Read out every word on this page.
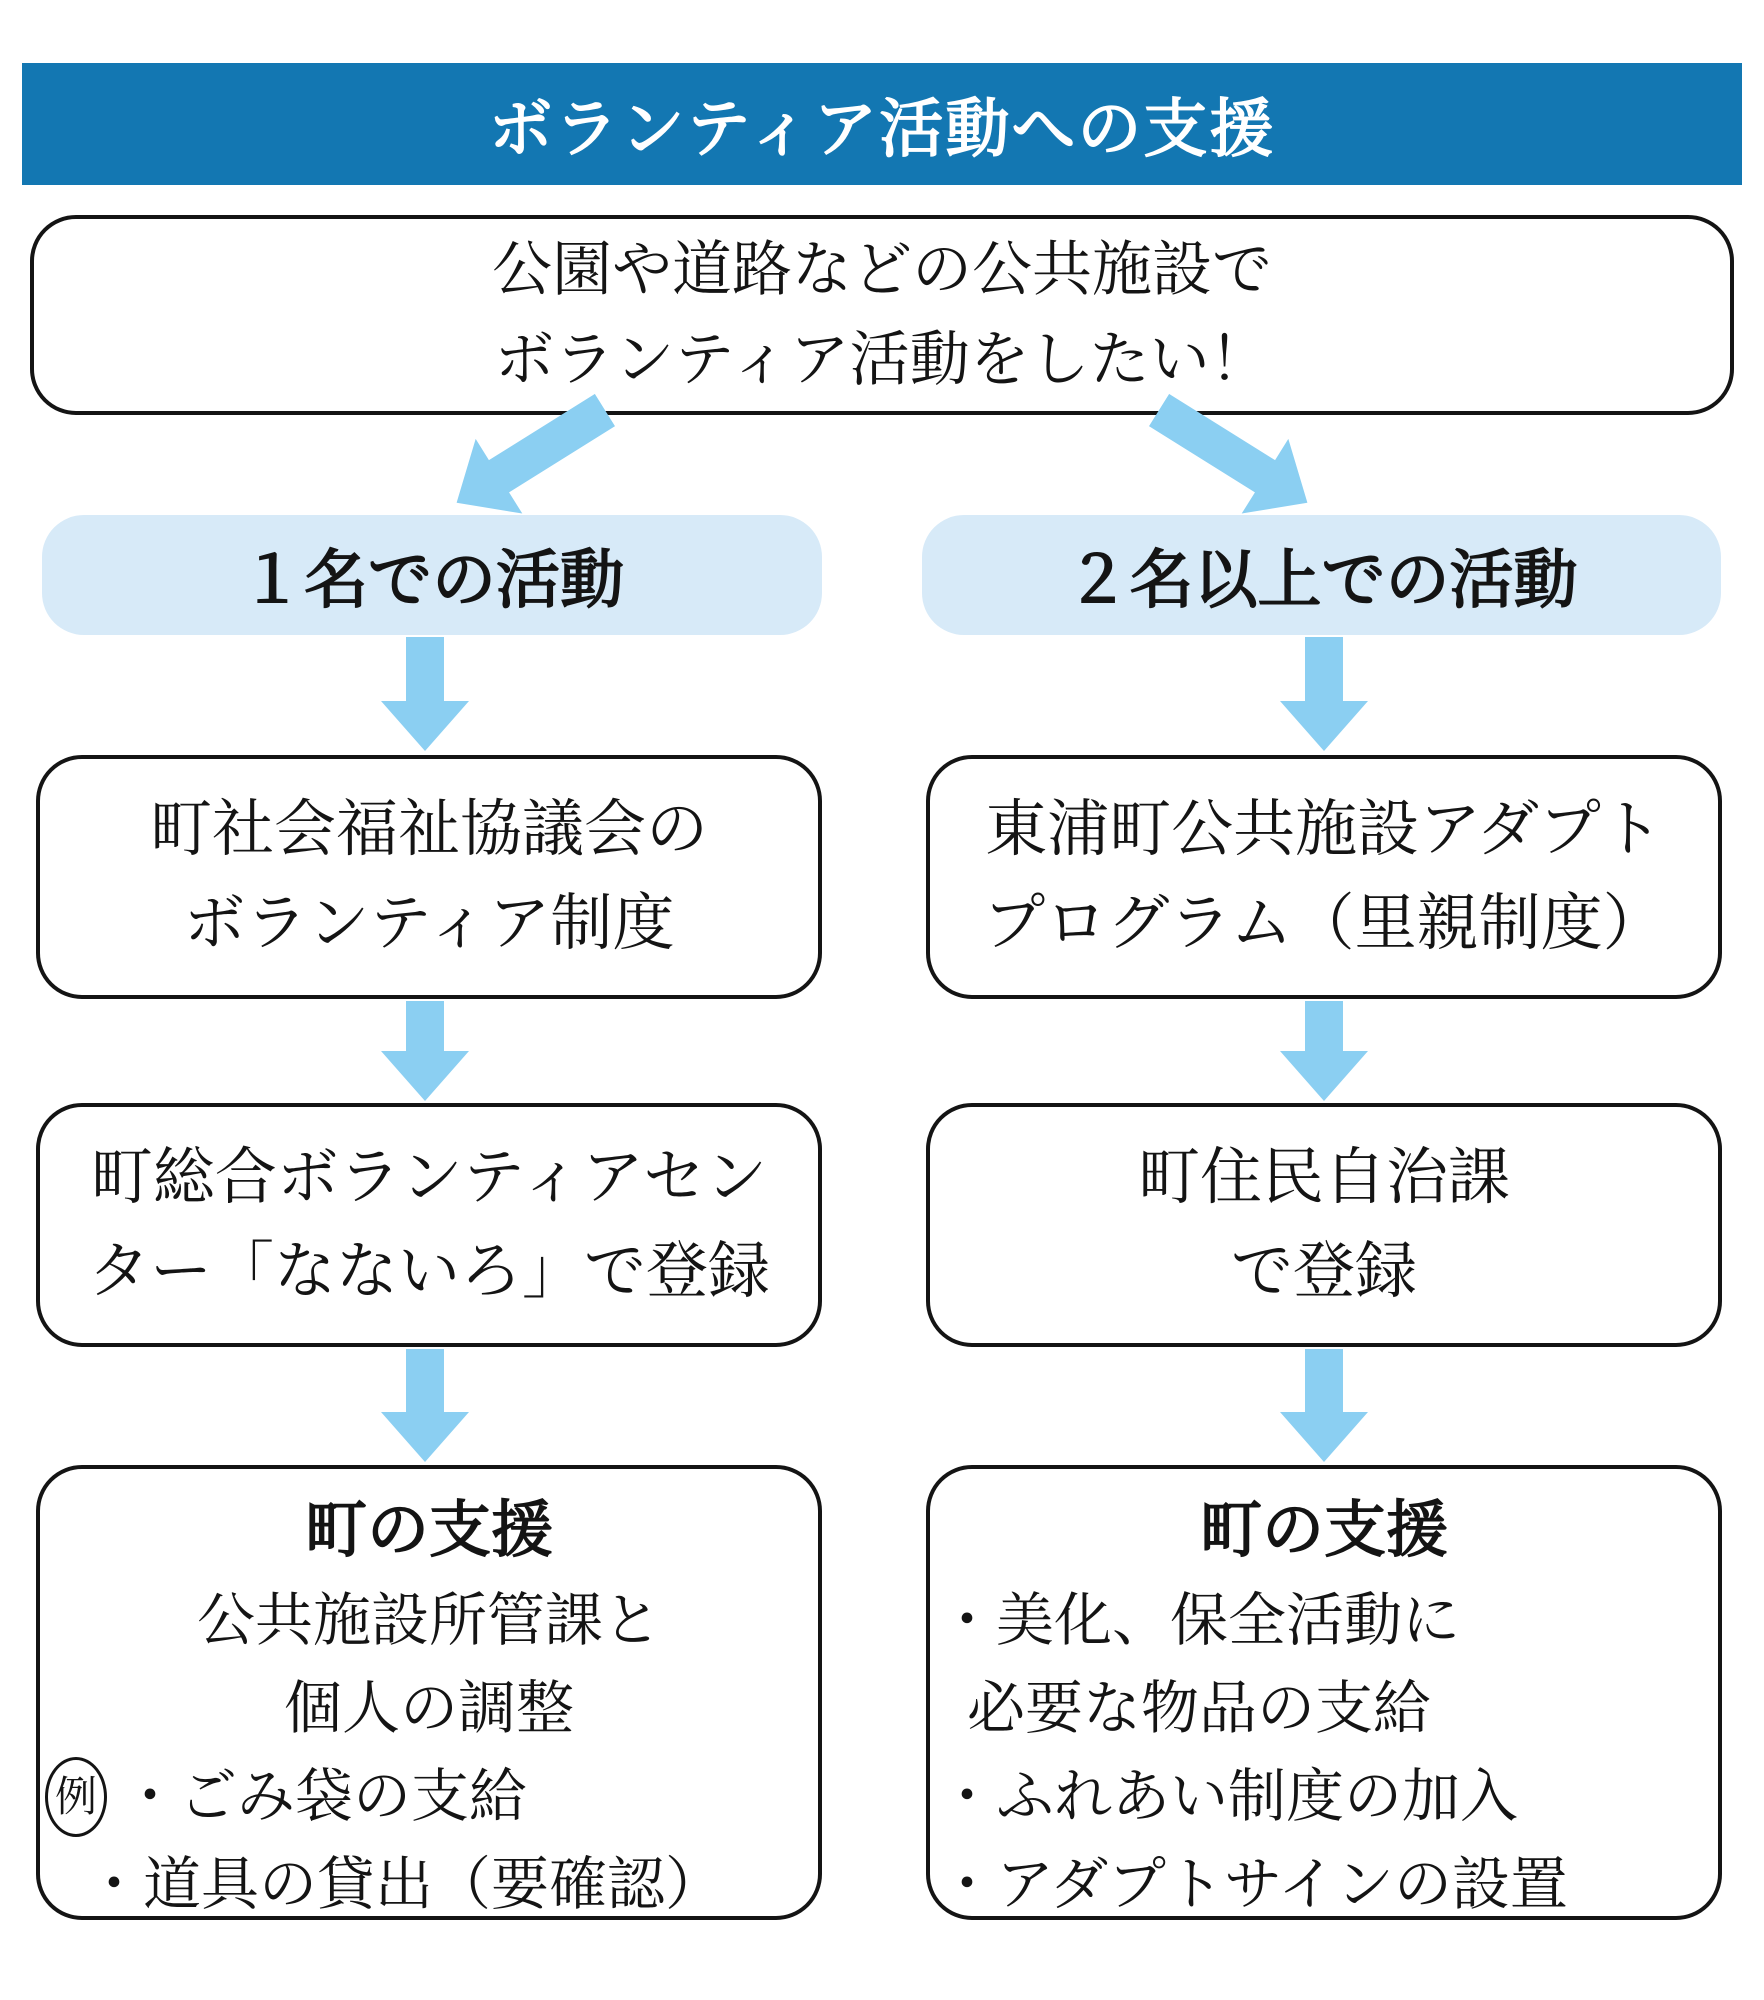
ボランティア活動への支援
公園や道路などの公共施設で
ボランティア活動をしたい！
１名での活動	２名以上での活動
町社会福祉協議会の
ボランティア制度
東浦町公共施設アダプト
プログラム（里親制度）
町総合ボランティアセン
ター「なないろ」で登録
町住民自治課
で登録
町の支援
公共施設所管課と
個人の調整
例 ・ごみ袋の支給
・道具の貸出（要確認）
町の支援
・美化、保全活動に
必要な物品の支給
・ふれあい制度の加入
・アダプトサインの設置
